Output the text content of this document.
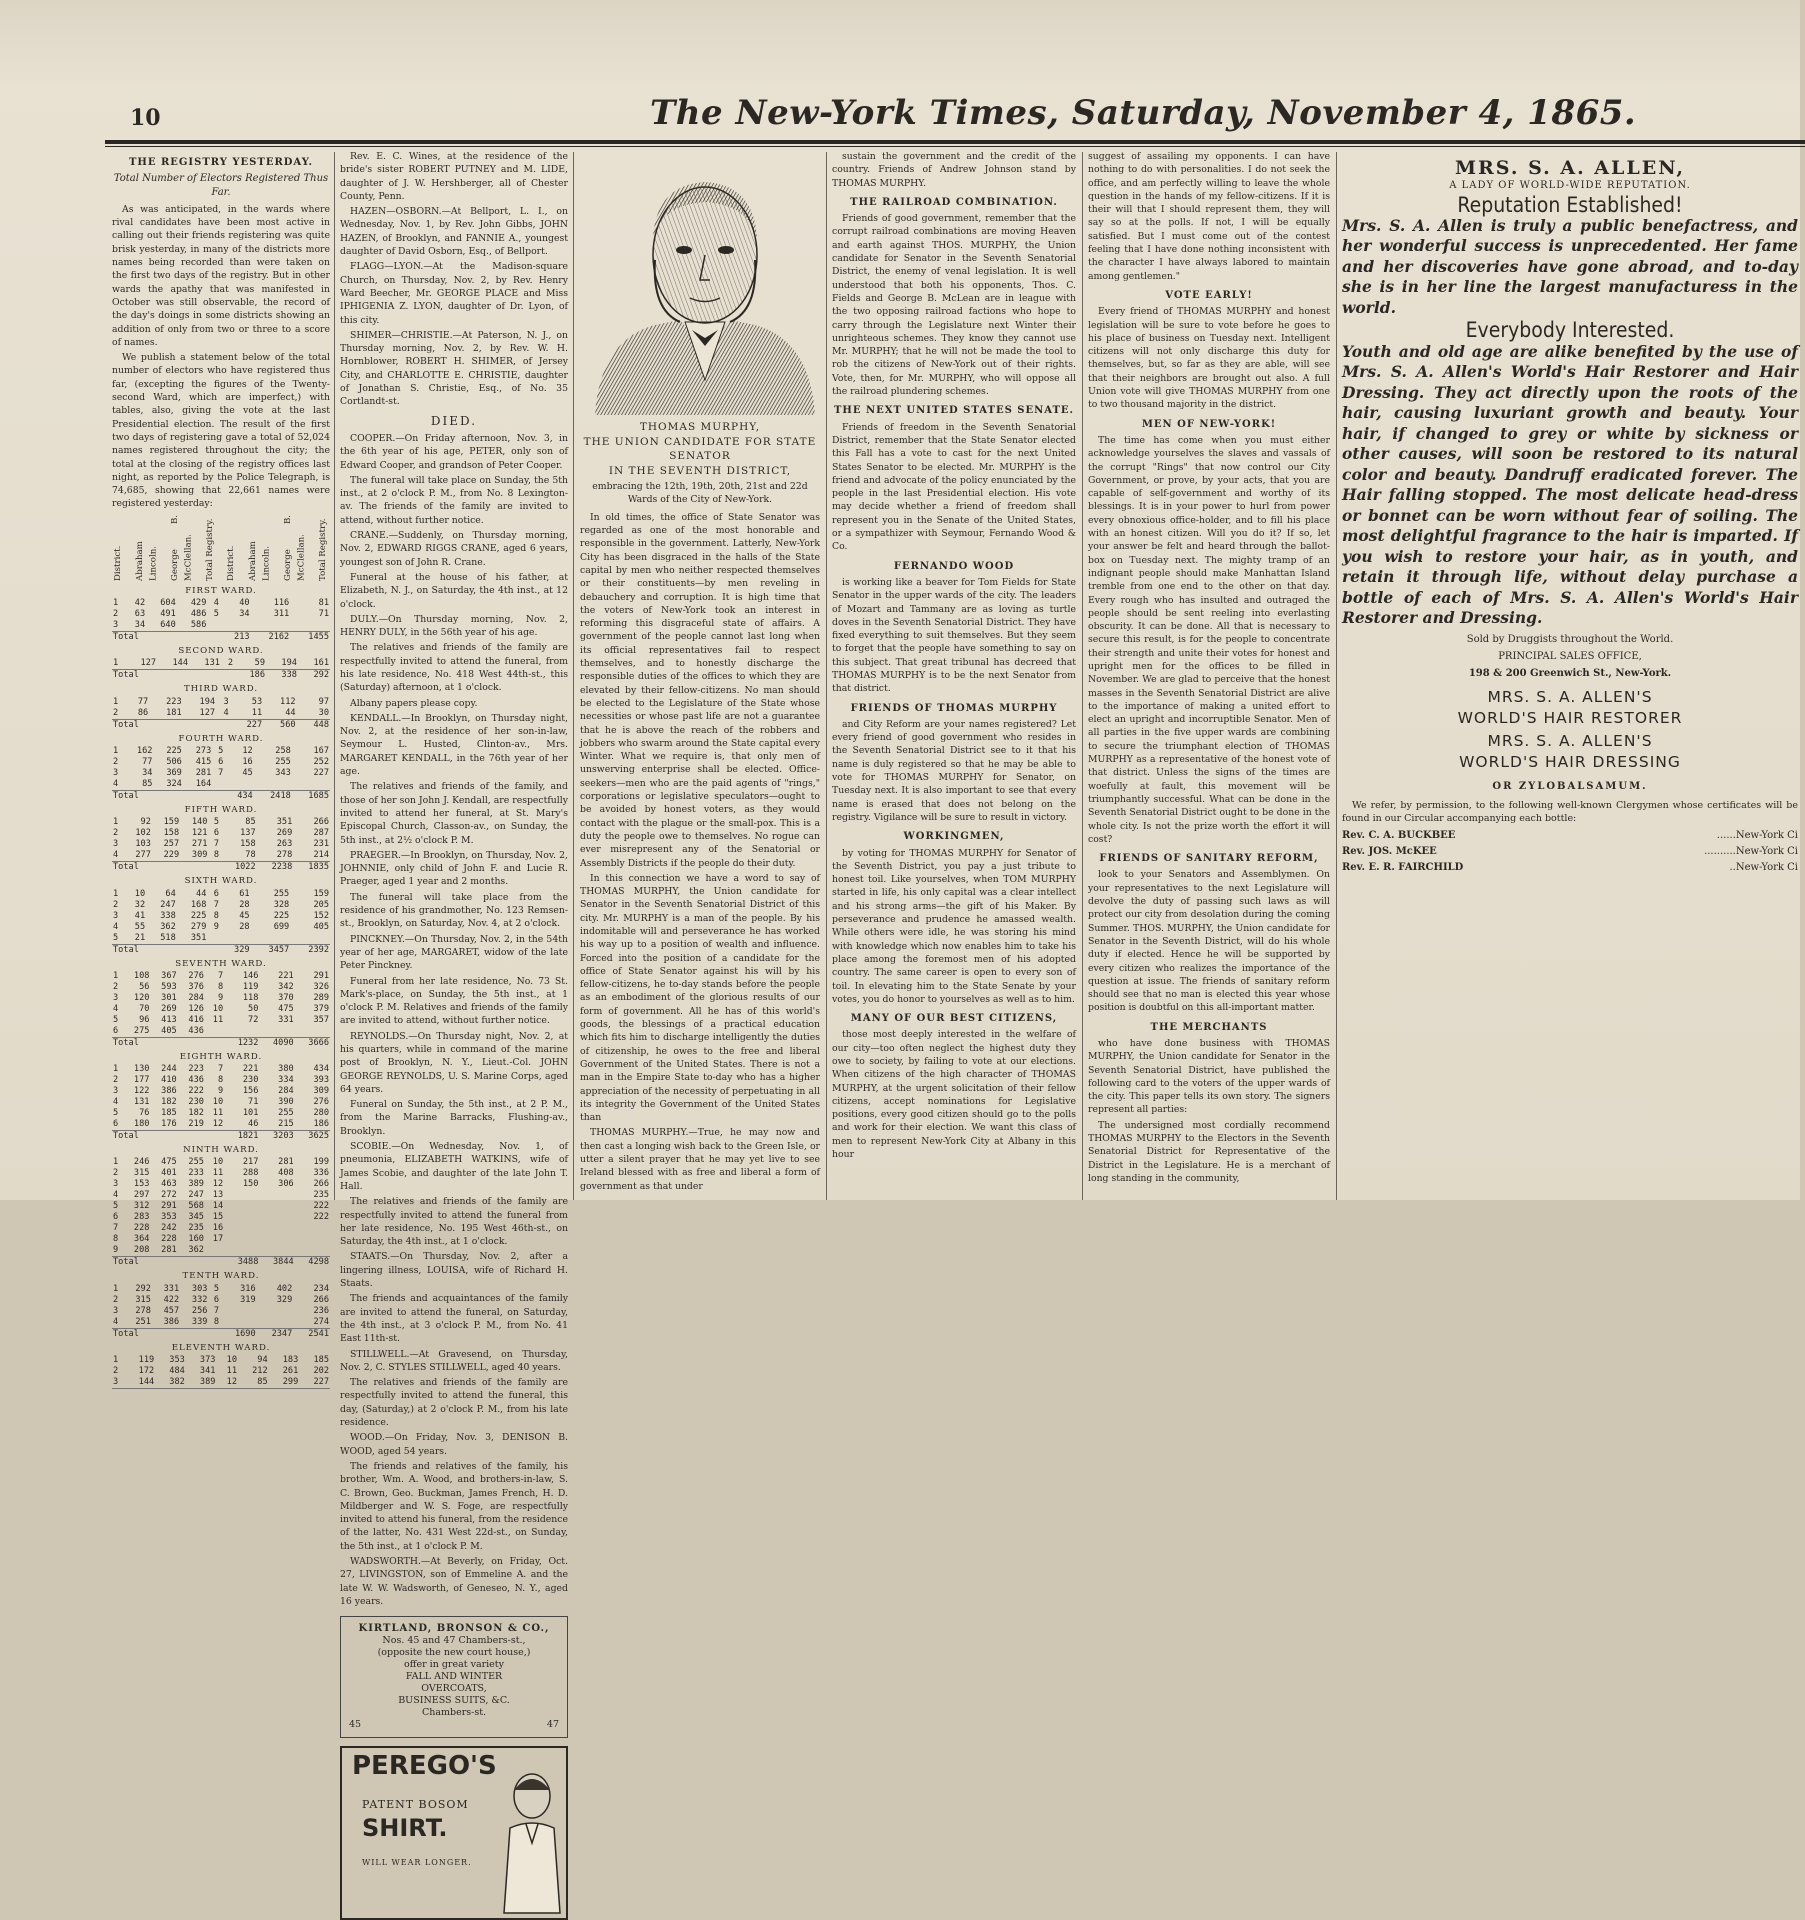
10	The New-York Times, Saturday, November 4, 1865.
THE REGISTRY YESTERDAY.
Total Number of Electors Registered Thus Far.

As was anticipated, in the wards where rival candidates have been most active in calling out their friends registering was quite brisk yesterday, in many of the districts more names being recorded than were taken on the first two days of the registry. But in other wards the apathy that was manifested in October was still observable, the record of the day's doings in some districts showing an addition of only from two or three to a score of names.

We publish a statement below of the total number of electors who have registered thus far, (excepting the figures of the Twenty-second Ward, which are imperfect,) with tables, also, giving the vote at the last Presidential election. The result of the first two days of registering gave a total of 52,024 names registered throughout the city; the total at the closing of the registry offices last night, as reported by the Police Telegraph, is 74,685, showing that 22,661 names were registered yesterday:

District. Abraham Lincoln. George B. McClellan. Total Registry. District. Abraham Lincoln. George B. McClellan. Total Registry.
FIRST WARD.
1	42	604	429	4	40	116	81
2	63	491	486	5	34	311	71
3	34	640	586				
Total					213	2162	1455
SECOND WARD.
1	127	144	131	2	59	194	161
Total					186	338	292
THIRD WARD.
1	77	223	194	3	53	112	97
2	86	181	127	4	11	44	30
Total					227	560	448
FOURTH WARD.
1	162	225	273	5	12	258	167
2	77	506	415	6	16	255	252
3	34	369	281	7	45	343	227
4	85	324	164				
Total					434	2418	1685
FIFTH WARD.
1	92	159	140	5	85	351	266
2	102	158	121	6	137	269	287
3	103	257	271	7	158	263	231
4	277	229	309	8	78	278	214
Total					1022	2238	1835
SIXTH WARD.
1	10	64	44	6	61	255	159
2	32	247	168	7	28	328	205
3	41	338	225	8	45	225	152
4	55	362	279	9	28	699	405
5	21	518	351				
Total					329	3457	2392
SEVENTH WARD.
1	108	367	276	7	146	221	291
2	56	593	376	8	119	342	326
3	120	301	284	9	118	370	289
4	70	269	126	10	50	475	379
5	96	413	416	11	72	331	357
6	275	405	436				
Total					1232	4090	3666
EIGHTH WARD.
1	130	244	223	7	221	380	434
2	177	410	436	8	230	334	393
3	122	386	222	9	156	284	309
4	131	182	230	10	71	390	276
5	76	185	182	11	101	255	280
6	180	176	219	12	46	215	186
Total					1821	3203	3625
NINTH WARD.
1	246	475	255	10	217	281	199
2	315	401	233	11	288	408	336
3	153	463	389	12	150	306	266
4	297	272	247	13			235
5	312	291	568	14			222
6	283	353	345	15			222
7	228	242	235	16			
8	364	228	160	17			
9	208	281	362				
Total					3488	3844	4298
TENTH WARD.
1	292	331	303	5	316	402	234
2	315	422	332	6	319	329	266
3	278	457	256	7			236
4	251	386	339	8			274
Total					1690	2347	2541
ELEVENTH WARD.
1	119	353	373	10	94	183	185
2	172	484	341	11	212	261	202
3	144	382	389	12	85	299	227

Rev. E. C. Wines, at the residence of the bride's sister ROBERT PUTNEY and M. LIDE, daughter of J. W. Hershberger, all of Chester County, Penn.

HAZEN—OSBORN.—At Bellport, L. I., on Wednesday, Nov. 1, by Rev. John Gibbs, JOHN HAZEN, of Brooklyn, and FANNIE A., youngest daughter of David Osborn, Esq., of Bellport.

FLAGG—LYON.—At the Madison-square Church, on Thursday, Nov. 2, by Rev. Henry Ward Beecher, Mr. GEORGE PLACE and Miss IPHIGENIA Z. LYON, daughter of Dr. Lyon, of this city.

SHIMER—CHRISTIE.—At Paterson, N. J., on Thursday morning, Nov. 2, by Rev. W. H. Hornblower, ROBERT H. SHIMER, of Jersey City, and CHARLOTTE E. CHRISTIE, daughter of Jonathan S. Christie, Esq., of No. 35 Cortlandt-st.

DIED.

COOPER.—On Friday afternoon, Nov. 3, in the 6th year of his age, PETER, only son of Edward Cooper, and grandson of Peter Cooper.

The funeral will take place on Sunday, the 5th inst., at 2 o'clock P. M., from No. 8 Lexington-av. The friends of the family are invited to attend, without further notice.

CRANE.—Suddenly, on Thursday morning, Nov. 2, EDWARD RIGGS CRANE, aged 6 years, youngest son of John R. Crane.

Funeral at the house of his father, at Elizabeth, N. J., on Saturday, the 4th inst., at 12 o'clock.

DULY.—On Thursday morning, Nov. 2, HENRY DULY, in the 56th year of his age.

The relatives and friends of the family are respectfully invited to attend the funeral, from his late residence, No. 418 West 44th-st., this (Saturday) afternoon, at 1 o'clock.

Albany papers please copy.

KENDALL.—In Brooklyn, on Thursday night, Nov. 2, at the residence of her son-in-law, Seymour L. Husted, Clinton-av., Mrs. MARGARET KENDALL, in the 76th year of her age.

The relatives and friends of the family, and those of her son John J. Kendall, are respectfully invited to attend her funeral, at St. Mary's Episcopal Church, Classon-av., on Sunday, the 5th inst., at 2½ o'clock P. M.

PRAEGER.—In Brooklyn, on Thursday, Nov. 2, JOHNNIE, only child of John F. and Lucie R. Praeger, aged 1 year and 2 months.

The funeral will take place from the residence of his grandmother, No. 123 Remsen-st., Brooklyn, on Saturday, Nov. 4, at 2 o'clock.

PINCKNEY.—On Thursday, Nov. 2, in the 54th year of her age, MARGARET, widow of the late Peter Pinckney.

Funeral from her late residence, No. 73 St. Mark's-place, on Sunday, the 5th inst., at 1 o'clock P. M. Relatives and friends of the family are invited to attend, without further notice.

REYNOLDS.—On Thursday night, Nov. 2, at his quarters, while in command of the marine post of Brooklyn, N. Y., Lieut.-Col. JOHN GEORGE REYNOLDS, U. S. Marine Corps, aged 64 years.

Funeral on Sunday, the 5th inst., at 2 P. M., from the Marine Barracks, Flushing-av., Brooklyn.

SCOBIE.—On Wednesday, Nov. 1, of pneumonia, ELIZABETH WATKINS, wife of James Scobie, and daughter of the late John T. Hall.

The relatives and friends of the family are respectfully invited to attend the funeral from her late residence, No. 195 West 46th-st., on Saturday, the 4th inst., at 1 o'clock.

STAATS.—On Thursday, Nov. 2, after a lingering illness, LOUISA, wife of Richard H. Staats.

The friends and acquaintances of the family are invited to attend the funeral, on Saturday, the 4th inst., at 3 o'clock P. M., from No. 41 East 11th-st.

STILLWELL.—At Gravesend, on Thursday, Nov. 2, C. STYLES STILLWELL, aged 40 years.

The relatives and friends of the family are respectfully invited to attend the funeral, this day, (Saturday,) at 2 o'clock P. M., from his late residence.

WOOD.—On Friday, Nov. 3, DENISON B. WOOD, aged 54 years.

The friends and relatives of the family, his brother, Wm. A. Wood, and brothers-in-law, S. C. Brown, Geo. Buckman, James French, H. D. Mildberger and W. S. Foge, are respectfully invited to attend his funeral, from the residence of the latter, No. 431 West 22d-st., on Sunday, the 5th inst., at 1 o'clock P. M.

WADSWORTH.—At Beverly, on Friday, Oct. 27, LIVINGSTON, son of Emmeline A. and the late W. W. Wadsworth, of Geneseo, N. Y., aged 16 years.

KIRTLAND, BRONSON & CO.,
Nos. 45 and 47 Chambers-st.,
(opposite the new court house,)
offer in great variety
FALL AND WINTER
OVERCOATS,
BUSINESS SUITS, &C.
Chambers-st.
45	47
PEREGO'S
PATENT BOSOM
SHIRT.
WILL WEAR LONGER.
THOMAS MURPHY,
THE UNION CANDIDATE FOR STATE SENATOR
IN THE SEVENTH DISTRICT,
embracing the 12th, 19th, 20th, 21st and 22d Wards of the City of New-York.

In old times, the office of State Senator was regarded as one of the most honorable and responsible in the government. Latterly, New-York City has been disgraced in the halls of the State capital by men who neither respected themselves or their constituents—by men reveling in debauchery and corruption. It is high time that the voters of New-York took an interest in reforming this disgraceful state of affairs. A government of the people cannot last long when its official representatives fail to respect themselves, and to honestly discharge the responsible duties of the offices to which they are elevated by their fellow-citizens. No man should be elected to the Legislature of the State whose necessities or whose past life are not a guarantee that he is above the reach of the robbers and jobbers who swarm around the State capital every Winter. What we require is, that only men of unswerving enterprise shall be elected. Office-seekers—men who are the paid agents of "rings," corporations or legislative speculators—ought to be avoided by honest voters, as they would contact with the plague or the small-pox. This is a duty the people owe to themselves. No rogue can ever misrepresent any of the Senatorial or Assembly Districts if the people do their duty.

In this connection we have a word to say of THOMAS MURPHY, the Union candidate for Senator in the Seventh Senatorial District of this city. Mr. MURPHY is a man of the people. By his indomitable will and perseverance he has worked his way up to a position of wealth and influence. Forced into the position of a candidate for the office of State Senator against his will by his fellow-citizens, he to-day stands before the people as an embodiment of the glorious results of our form of government. All he has of this world's goods, the blessings of a practical education which fits him to discharge intelligently the duties of citizenship, he owes to the free and liberal Government of the United States. There is not a man in the Empire State to-day who has a higher appreciation of the necessity of perpetuating in all its integrity the Government of the United States than

THOMAS MURPHY.—True, he may now and then cast a longing wish back to the Green Isle, or utter a silent prayer that he may yet live to see Ireland blessed with as free and liberal a form of government as that under

sustain the government and the credit of the country. Friends of Andrew Johnson stand by THOMAS MURPHY.

THE RAILROAD COMBINATION.

Friends of good government, remember that the corrupt railroad combinations are moving Heaven and earth against THOS. MURPHY, the Union candidate for Senator in the Seventh Senatorial District, the enemy of venal legislation. It is well understood that both his opponents, Thos. C. Fields and George B. McLean are in league with the two opposing railroad factions who hope to carry through the Legislature next Winter their unrighteous schemes. They know they cannot use Mr. MURPHY; that he will not be made the tool to rob the citizens of New-York out of their rights. Vote, then, for Mr. MURPHY, who will oppose all the railroad plundering schemes.

THE NEXT UNITED STATES SENATE.

Friends of freedom in the Seventh Senatorial District, remember that the State Senator elected this Fall has a vote to cast for the next United States Senator to be elected. Mr. MURPHY is the friend and advocate of the policy enunciated by the people in the last Presidential election. His vote may decide whether a friend of freedom shall represent you in the Senate of the United States, or a sympathizer with Seymour, Fernando Wood & Co.

FERNANDO WOOD

is working like a beaver for Tom Fields for State Senator in the upper wards of the city. The leaders of Mozart and Tammany are as loving as turtle doves in the Seventh Senatorial District. They have fixed everything to suit themselves. But they seem to forget that the people have something to say on this subject. That great tribunal has decreed that THOMAS MURPHY is to be the next Senator from that district.

FRIENDS OF THOMAS MURPHY

and City Reform are your names registered? Let every friend of good government who resides in the Seventh Senatorial District see to it that his name is duly registered so that he may be able to vote for THOMAS MURPHY for Senator, on Tuesday next. It is also important to see that every name is erased that does not belong on the registry. Vigilance will be sure to result in victory.

WORKINGMEN,

by voting for THOMAS MURPHY for Senator of the Seventh District, you pay a just tribute to honest toil. Like yourselves, when TOM MURPHY started in life, his only capital was a clear intellect and his strong arms—the gift of his Maker. By perseverance and prudence he amassed wealth. While others were idle, he was storing his mind with knowledge which now enables him to take his place among the foremost men of his adopted country. The same career is open to every son of toil. In elevating him to the State Senate by your votes, you do honor to yourselves as well as to him.

MANY OF OUR BEST CITIZENS,

those most deeply interested in the welfare of our city—too often neglect the highest duty they owe to society, by failing to vote at our elections. When citizens of the high character of THOMAS MURPHY, at the urgent solicitation of their fellow citizens, accept nominations for Legislative positions, every good citizen should go to the polls and work for their election. We want this class of men to represent New-York City at Albany in this hour

suggest of assailing my opponents. I can have nothing to do with personalities. I do not seek the office, and am perfectly willing to leave the whole question in the hands of my fellow-citizens. If it is their will that I should represent them, they will say so at the polls. If not, I will be equally satisfied. But I must come out of the contest feeling that I have done nothing inconsistent with the character I have always labored to maintain among gentlemen."

VOTE EARLY!

Every friend of THOMAS MURPHY and honest legislation will be sure to vote before he goes to his place of business on Tuesday next. Intelligent citizens will not only discharge this duty for themselves, but, so far as they are able, will see that their neighbors are brought out also. A full Union vote will give THOMAS MURPHY from one to two thousand majority in the district.

MEN OF NEW-YORK!

The time has come when you must either acknowledge yourselves the slaves and vassals of the corrupt "Rings" that now control our City Government, or prove, by your acts, that you are capable of self-government and worthy of its blessings. It is in your power to hurl from power every obnoxious office-holder, and to fill his place with an honest citizen. Will you do it? If so, let your answer be felt and heard through the ballot-box on Tuesday next. The mighty tramp of an indignant people should make Manhattan Island tremble from one end to the other on that day. Every rough who has insulted and outraged the people should be sent reeling into everlasting obscurity. It can be done. All that is necessary to secure this result, is for the people to concentrate their strength and unite their votes for honest and upright men for the offices to be filled in November. We are glad to perceive that the honest masses in the Seventh Senatorial District are alive to the importance of making a united effort to elect an upright and incorruptible Senator. Men of all parties in the five upper wards are combining to secure the triumphant election of THOMAS MURPHY as a representative of the honest vote of that district. Unless the signs of the times are woefully at fault, this movement will be triumphantly successful. What can be done in the Seventh Senatorial District ought to be done in the whole city. Is not the prize worth the effort it will cost?

FRIENDS OF SANITARY REFORM,

look to your Senators and Assemblymen. On your representatives to the next Legislature will devolve the duty of passing such laws as will protect our city from desolation during the coming Summer. THOS. MURPHY, the Union candidate for Senator in the Seventh District, will do his whole duty if elected. Hence he will be supported by every citizen who realizes the importance of the question at issue. The friends of sanitary reform should see that no man is elected this year whose position is doubtful on this all-important matter.

THE MERCHANTS

who have done business with THOMAS MURPHY, the Union candidate for Senator in the Seventh Senatorial District, have published the following card to the voters of the upper wards of the city. This paper tells its own story. The signers represent all parties:

The undersigned most cordially recommend THOMAS MURPHY to the Electors in the Seventh Senatorial District for Representative of the District in the Legislature. He is a merchant of long standing in the community,

MRS. S. A. ALLEN,
A LADY OF WORLD-WIDE REPUTATION.
Reputation Established!
Mrs. S. A. Allen is truly a public benefactress, and her wonderful success is unprecedented. Her fame and her discoveries have gone abroad, and to-day she is in her line the largest manufacturess in the world.
Everybody Interested.
Youth and old age are alike benefited by the use of Mrs. S. A. Allen's World's Hair Restorer and Hair Dressing. They act directly upon the roots of the hair, causing luxuriant growth and beauty. Your hair, if changed to grey or white by sickness or other causes, will soon be restored to its natural color and beauty. Dandruff eradicated forever. The Hair falling stopped. The most delicate head-dress or bonnet can be worn without fear of soiling. The most delightful fragrance to the hair is imparted. If you wish to restore your hair, as in youth, and retain it through life, without delay purchase a bottle of each of Mrs. S. A. Allen's World's Hair Restorer and Dressing.
Sold by Druggists throughout the World.
PRINCIPAL SALES OFFICE,
198 & 200 Greenwich St., New-York.
MRS. S. A. ALLEN'S
WORLD'S HAIR RESTORER
MRS. S. A. ALLEN'S
WORLD'S HAIR DRESSING
OR ZYLOBALSAMUM.

We refer, by permission, to the following well-known Clergymen whose certificates will be found in our Circular accompanying each bottle:

Rev. C. A. BUCKBEE	......New-York Ci
Rev. JOS. McKEE	..........New-York Ci
Rev. E. R. FAIRCHILD	..New-York Ci
